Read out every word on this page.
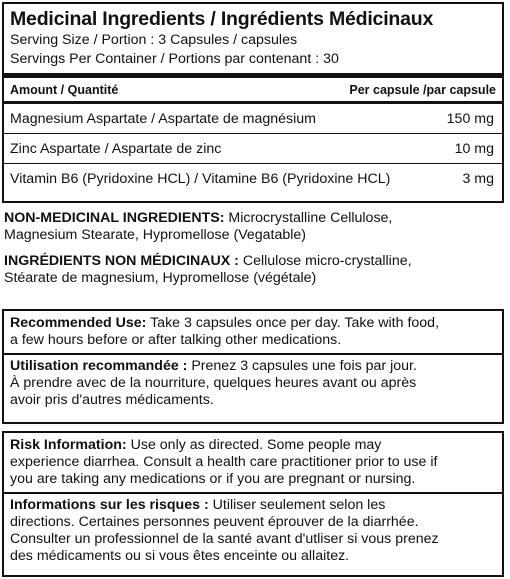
Medicinal Ingredients / Ingrédients Médicinaux
Serving Size / Portion : 3 Capsules / capsules
Servings Per Container / Portions par contenant : 30
Amount / Quantité	Per capsule /par capsule
Magnesium Aspartate / Aspartate de magnésium	150 mg
Zinc Aspartate / Aspartate de zinc	10 mg
Vitamin B6 (Pyridoxine HCL) / Vitamine B6 (Pyridoxine HCL)	3 mg
NON-MEDICINAL INGREDIENTS: Microcrystalline Cellulose,
Magnesium Stearate, Hypromellose (Vegatable)
INGRÉDIENTS NON MÉDICINAUX : Cellulose micro-crystalline,
Stéarate de magnesium, Hypromellose (végétale)

Recommended Use: Take 3 capsules once per day. Take with food,

a few hours before or after talking other medications.

Utilisation recommandée : Prenez 3 capsules une fois par jour.

À prendre avec de la nourriture, quelques heures avant ou après

avoir pris d'autres médicaments.

Risk Information: Use only as directed. Some people may

experience diarrhea. Consult a health care practitioner prior to use if

you are taking any medications or if you are pregnant or nursing.

Informations sur les risques : Utiliser seulement selon les

directions. Certaines personnes peuvent éprouver de la diarrhée.

Consulter un professionnel de la santé avant d'utliser si vous prenez

des médicaments ou si vous êtes enceinte ou allaitez.
